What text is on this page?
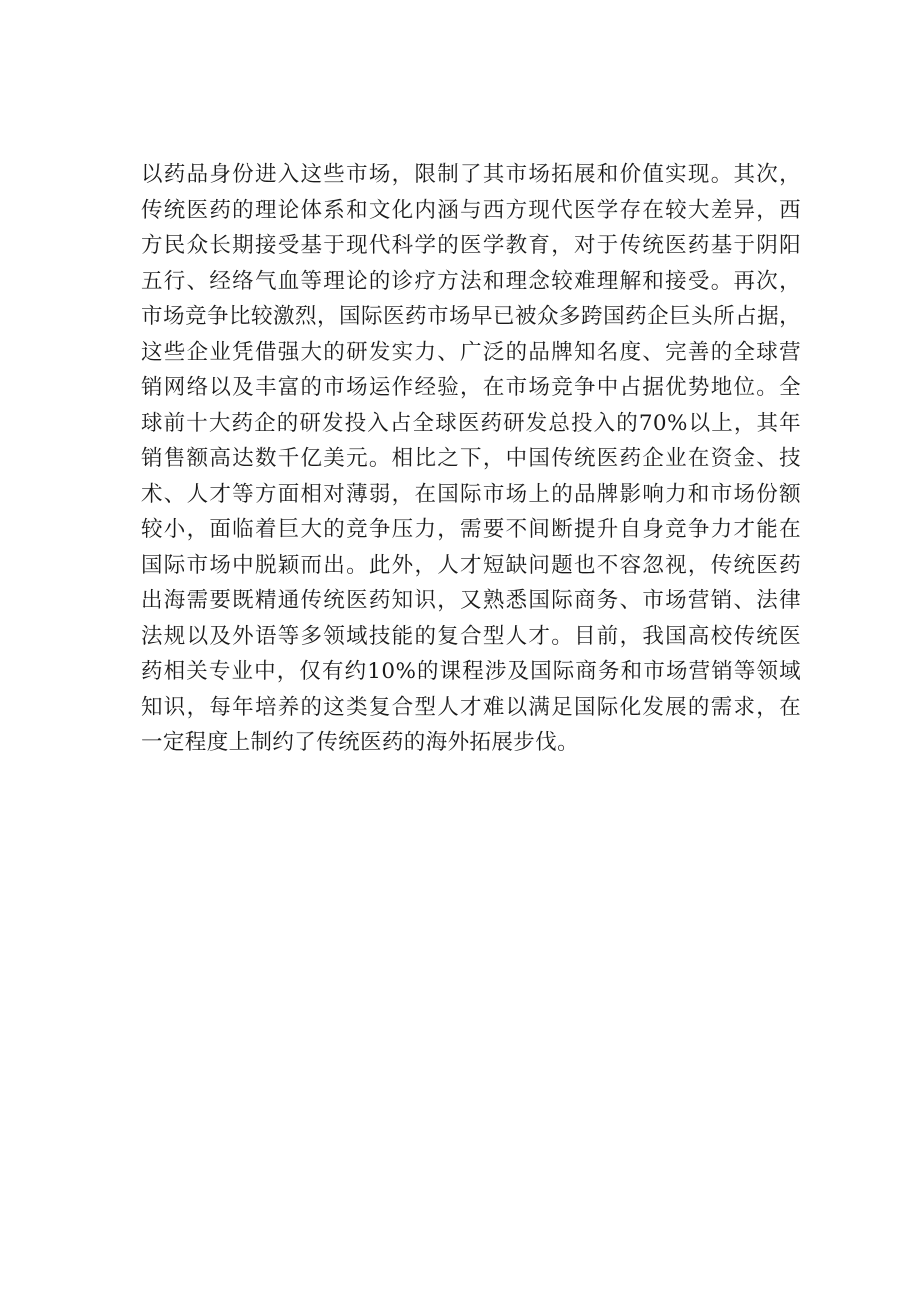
以药品身份进入这些市场，限制了其市场拓展和价值实现。其次，
传统医药的理论体系和文化内涵与西方现代医学存在较大差异，西
方民众长期接受基于现代科学的医学教育，对于传统医药基于阴阳
五行、经络气血等理论的诊疗方法和理念较难理解和接受。再次，
市场竞争比较激烈，国际医药市场早已被众多跨国药企巨头所占据，
这些企业凭借强大的研发实力、广泛的品牌知名度、完善的全球营
销网络以及丰富的市场运作经验，在市场竞争中占据优势地位。全
球前十大药企的研发投入占全球医药研发总投入的70%以上，其年
销售额高达数千亿美元。相比之下，中国传统医药企业在资金、技
术、人才等方面相对薄弱，在国际市场上的品牌影响力和市场份额
较小，面临着巨大的竞争压力，需要不间断提升自身竞争力才能在
国际市场中脱颖而出。此外，人才短缺问题也不容忽视，传统医药
出海需要既精通传统医药知识，又熟悉国际商务、市场营销、法律
法规以及外语等多领域技能的复合型人才。目前，我国高校传统医
药相关专业中，仅有约10%的课程涉及国际商务和市场营销等领域
知识，每年培养的这类复合型人才难以满足国际化发展的需求，在
一定程度上制约了传统医药的海外拓展步伐。
